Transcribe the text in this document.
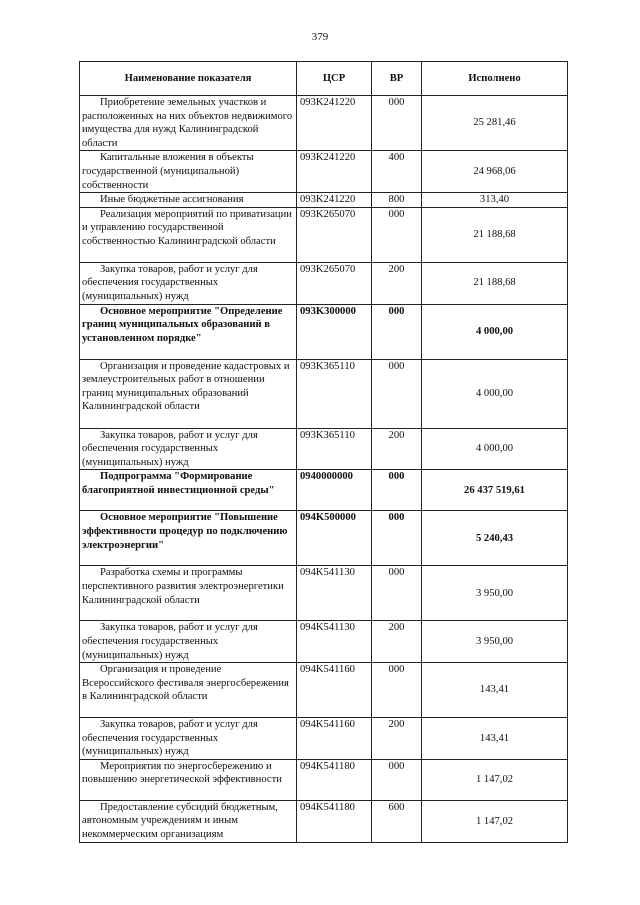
379
Наименование показателя	ЦСР	ВР	Исполнено
Приобретение земельных участков и расположенных на них объектов недвижимого имущества для нужд Калининградской области	093K241220	000	25 281,46
Капитальные вложения в объекты государственной (муниципальной) собственности	093K241220	400	24 968,06
Иные бюджетные ассигнования	093K241220	800	313,40
Реализация мероприятий по приватизации и управлению государственной собственностью Калининградской области	093K265070	000	21 188,68
Закупка товаров, работ и услуг для обеспечения государственных (муниципальных) нужд	093K265070	200	21 188,68
Основное мероприятие "Определение границ муниципальных образований в установленном порядке"	093K300000	000	4 000,00
Организация и проведение кадастровых и землеустроительных работ в отношении границ муниципальных образований Калининградской области	093K365110	000	4 000,00
Закупка товаров, работ и услуг для обеспечения государственных (муниципальных) нужд	093K365110	200	4 000,00
Подпрограмма "Формирование благоприятной инвестиционной среды"	0940000000	000	26 437 519,61
Основное мероприятие "Повышение эффективности процедур по подключению электроэнергии"	094K500000	000	5 240,43
Разработка схемы и программы перспективного развития электроэнергетики Калининградской области	094K541130	000	3 950,00
Закупка товаров, работ и услуг для обеспечения государственных (муниципальных) нужд	094K541130	200	3 950,00
Организация и проведение Всероссийского фестиваля энергосбережения в Калининградской области	094K541160	000	143,41
Закупка товаров, работ и услуг для обеспечения государственных (муниципальных) нужд	094K541160	200	143,41
Мероприятия по энергосбережению и повышению энергетической эффективности	094K541180	000	1 147,02
Предоставление субсидий бюджетным, автономным учреждениям и иным некоммерческим организациям	094K541180	600	1 147,02
